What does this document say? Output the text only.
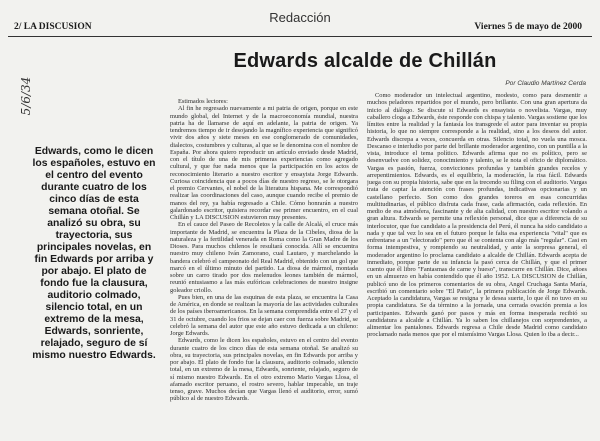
2/ LA DISCUSION
Redacción
Viernes 5 de mayo de 2000
5/6/34
Edwards alcalde de Chillán
Por Claudio Martínez Cerda
Edwards, como le dicen los españoles, estuvo en el centro del evento durante cuatro de los cinco días de esta semana otoñal. Se analizó su obra, su trayectoria, sus principales novelas, en fin Edwards por arriba y por abajo. El plato de fondo fue la clausura, auditorio colmado, silencio total, en un extremo de la mesa, Edwards, sonriente, relajado, seguro de sí mismo nuestro Edwards.

Estimados lectores:

Al fin he regresado nuevamente a mi patria de origen, porque en este mundo global, del Internet y de la macroeconomía mundial, nuestra patria ha de llamarse de aquí en adelante, la patria de origen. Ya tendremos tiempo de ir desojando la magnífico experiencia que significó vivir dos años y siete meses en ese conglomerado de comunidades, dialectos, costumbres y culturas, al que se le denomina con el nombre de España. Por ahora quiero reproducir un artículo enviado desde Madrid, con el título de una de mis primeras experiencias como agregado cultural, y que fue nada menos que la participación en los actos de reconocimiento literario a nuestro escritor y ensayista Jorge Edwards. Curiosa coincidencia que a pocos días de nuestro regreso, se le otorgara el premio Cervantes, el nobel de la literatura hispana. Me correspondió realizar las coordinaciones del caso, aunque cuando recibe el premio de manos del rey, ya había regresado a Chile. Cómo honrarán a nuestro galardonado escritor, quisiera recordar ese primer encuentro, en el cual Chillán y LA DISCUSION estuvieron muy presentes.

En el cauce del Paseo de Recoletos y la calle de Alcalá, el cruce más importante de Madrid, se encuentra la Plaza de la Cibeles, diosa de la naturaleza y la fertilidad venerada en Roma como la Gran Madre de los Dioses. Para muchos chilenos le resultará conocida. Allí se encuentra nuestro muy chileno Iván Zamorano, cual Lautaro, y marchelando la bandera celebró el campeonato del Real Madrid, obtenido con un gol que marcó en el último minuto del partido. La diosa de mármol, montada sobre un carro tirado por dos melenudos leones también de mármol, reunió entusiasmo a las más eufóricas celebraciones de nuestro insigne goleador criollo.

Pues bien, en una de las esquinas de esta plaza, se encuentra la Casa de América, en donde se realizan la mayoría de las actividades culturales de los países iberoamericanos. En la semana comprendida entre el 27 y el 31 de octubre, cuando los frios se dejan caer con fuerza sobre Madrid, se celebró la semana del autor que este año estuvo dedicada a un chileno: Jorge Edwards.

Edwards, como le dicen los españoles, estuvo en el centro del evento durante cuatro de los cinco días de esta semana otoñal. Se analizó su obra, su trayectoria, sus principales novelas, en fin Edwards por arriba y por abajo. El plato de fondo fue la clausura, auditorio colmado, silencio total, en un extremo de la mesa, Edwards, sonriente, relajado, seguro de sí mismo nuestro Edwards. En el otro extremo Mario Vargas Llosa, el afamado escritor peruano, el rostro severo, hablar impecable, un traje tenso, grave. Muchos decían que Vargas llenó el auditorio, error, sumó público al de nuestro Edwards.

Como moderador un intelectual argentino, modesto, como para desmentir a muchos peladores repartidos por el mundo, pero brillante. Con una gran apertura da inicio al diálogo. Se discute si Edwards es ensayista o novelista. Vargas, muy caballero cloga a Edwards, éste responde con chispa y talento. Vargas sostiene que los límites entre la realidad y la fantasía los transgrede el autor para inventar su propia historia, lo que no siempre corresponde a la realidad, sino a los deseos del autor. Edwards discrepa a veces, concuerda en otras. Silencio total, no vuela una mosca. Descanso e interludio por parte del brillante moderador argentino, con un puntilla a la vista, introduce el tema político. Edwards afirma que no es político, pero se desenvuelve con solidez, conocimiento y talento, se le nota el oficio de diplomático. Vargas es pasión, fuerza, convicciones profundas y también grandes recelos y arrepentimientos. Edwards, es el equilibrio, la moderación, la risa fácil. Edwards juega con su propia historia, sabe que en la trecendo su filing con el auditorio. Vargas trata de captar la atención con frases profundas, indicativas opcionarias y un castellano perfecto. Son como dos grandes toreros en esas concurridas multitudinarias, el público disfruta cada frase, cada afirmación, cada reflexión. En medio de esa atmósfera, fascinante y de alta calidad, con nuestro escritor volando a gran altura. Edwards se permite una reflexión personal, dice que a diferencia de su interlocutor, que fue candidato a la presidencia del Perú, él nunca ha sido candidato a nada y que tal vez lo sea en el futuro porque le falta esa experiencia "vital" que es enfrentarse a un "electorado" pero que él se contenta con algo más "regular". Casi en forma intempestiva, y rompiendo su neutralidad, y ante la sorpresa general, el moderador argentino lo proclama candidato a alcalde de Chillán. Edwards acepta de inmediato, porque parte de su infancia la pasó cerca de Chillán, y que el primer cuento que él libro "Fantasmas de carne y hueso", transcurre en Chillán. Dice, añoes en un almuerzo en había contendido que él año 1952. LA DISCUSION de Chillán, publicó uno de los primeros comentarios de su obra, Angel Cruchaga Santa María, escribió un comentario sobre "El Patio", la primera publicación de Jorge Edwards. Aceptado la candidatura, Vargas se resigna y le desea suerte, lo que él no tuvo en su propia candidatura. Se da término a la jornada, una cerrada ovación premia a los participantes. Edwards ganó por pasos y más en forma inesperada recibió su candidatura a alcalde a Chillán. Ya lo saben los chillanejos con sorprendentes, a alimentar los pantalones. Edwards regresa a Chile desde Madrid como candidato proclamado nada menos que por el mismísimo Vargas Llosa. Quien lo iba a decir...
